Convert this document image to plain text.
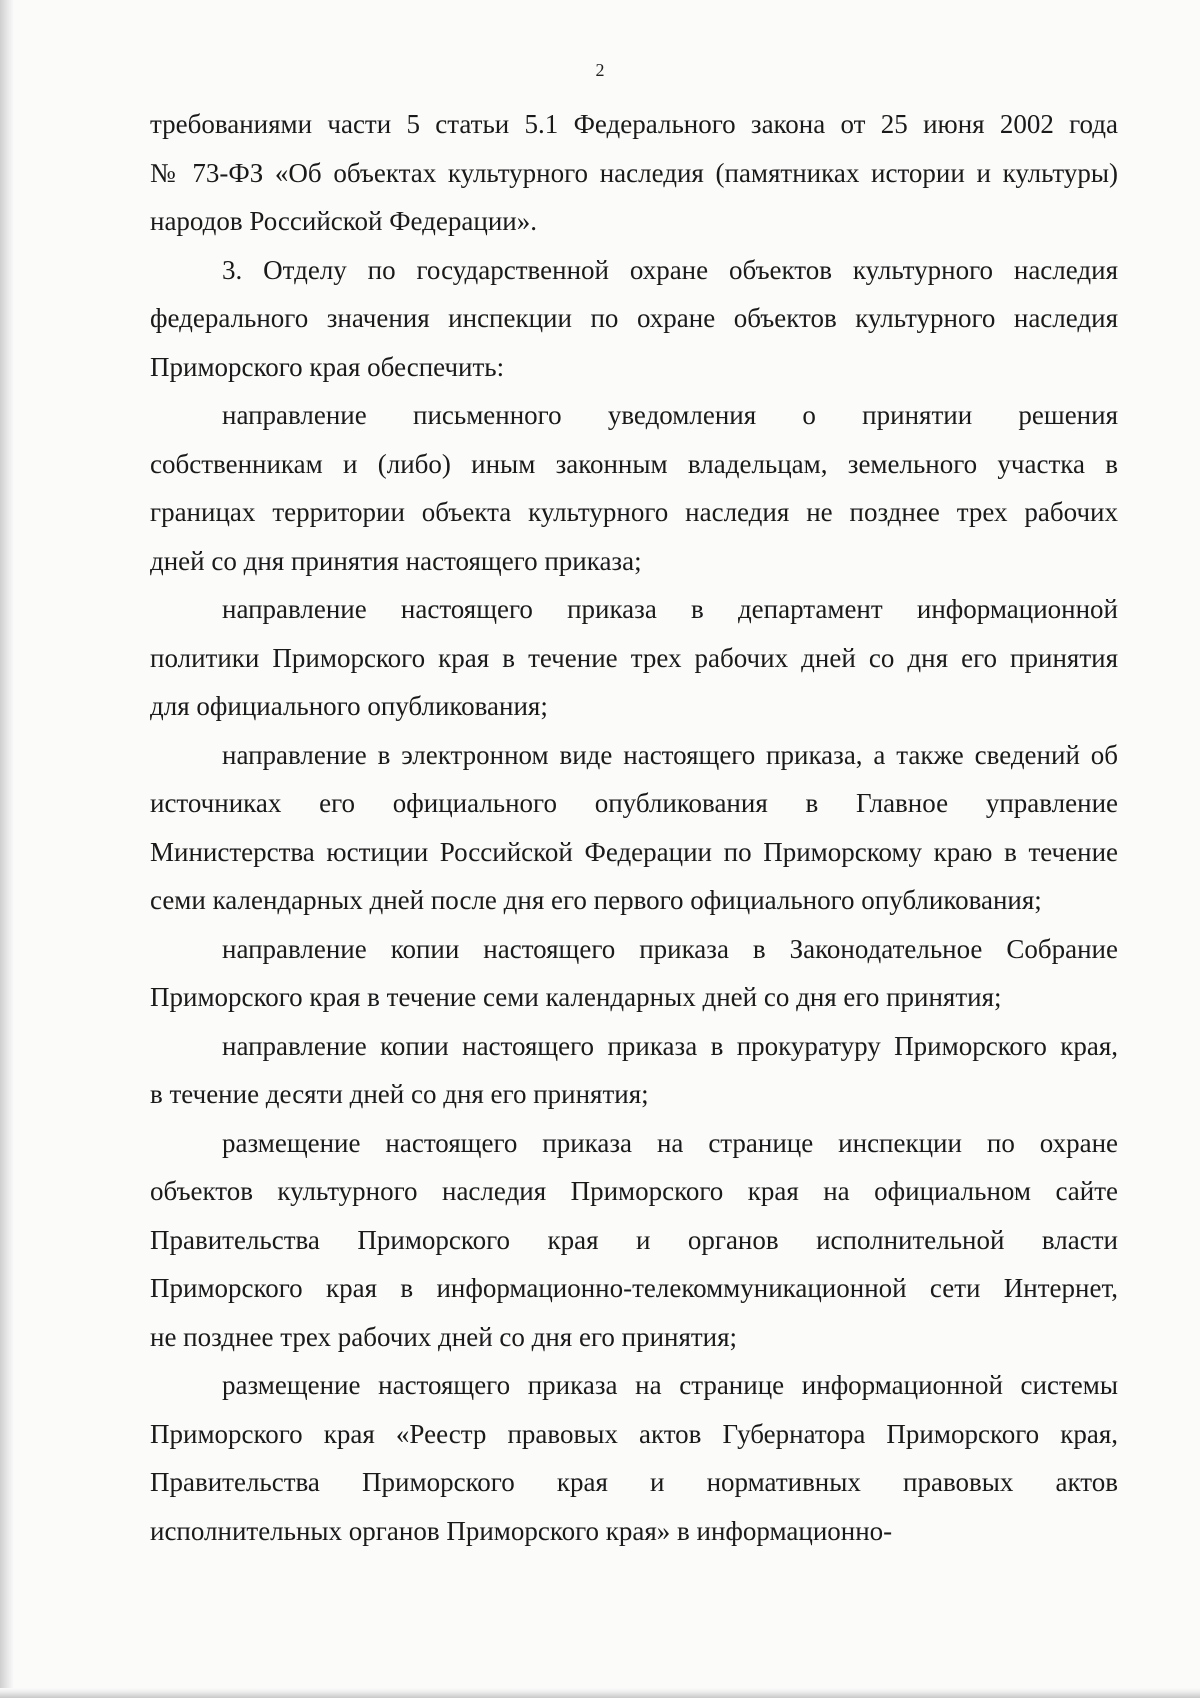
2
требованиями части 5 статьи 5.1 Федерального закона от 25 июня 2002 года
№ 73-ФЗ «Об объектах культурного наследия (памятниках истории и культуры)
народов Российской Федерации».
3. Отделу по государственной охране объектов культурного наследия
федерального значения инспекции по охране объектов культурного наследия
Приморского края обеспечить:
направление письменного уведомления о принятии решения
собственникам и (либо) иным законным владельцам, земельного участка в
границах территории объекта культурного наследия не позднее трех рабочих
дней со дня принятия настоящего приказа;
направление настоящего приказа в департамент информационной
политики Приморского края в течение трех рабочих дней со дня его принятия
для официального опубликования;
направление в электронном виде настоящего приказа, а также сведений об
источниках его официального опубликования в Главное управление
Министерства юстиции Российской Федерации по Приморскому краю в течение
семи календарных дней после дня его первого официального опубликования;
направление копии настоящего приказа в Законодательное Собрание
Приморского края в течение семи календарных дней со дня его принятия;
направление копии настоящего приказа в прокуратуру Приморского края,
в течение десяти дней со дня его принятия;
размещение настоящего приказа на странице инспекции по охране
объектов культурного наследия Приморского края на официальном сайте
Правительства Приморского края и органов исполнительной власти
Приморского края в информационно-телекоммуникационной сети Интернет,
не позднее трех рабочих дней со дня его принятия;
размещение настоящего приказа на странице информационной системы
Приморского края «Реестр правовых актов Губернатора Приморского края,
Правительства Приморского края и нормативных правовых актов
исполнительных органов Приморского края» в информационно-
